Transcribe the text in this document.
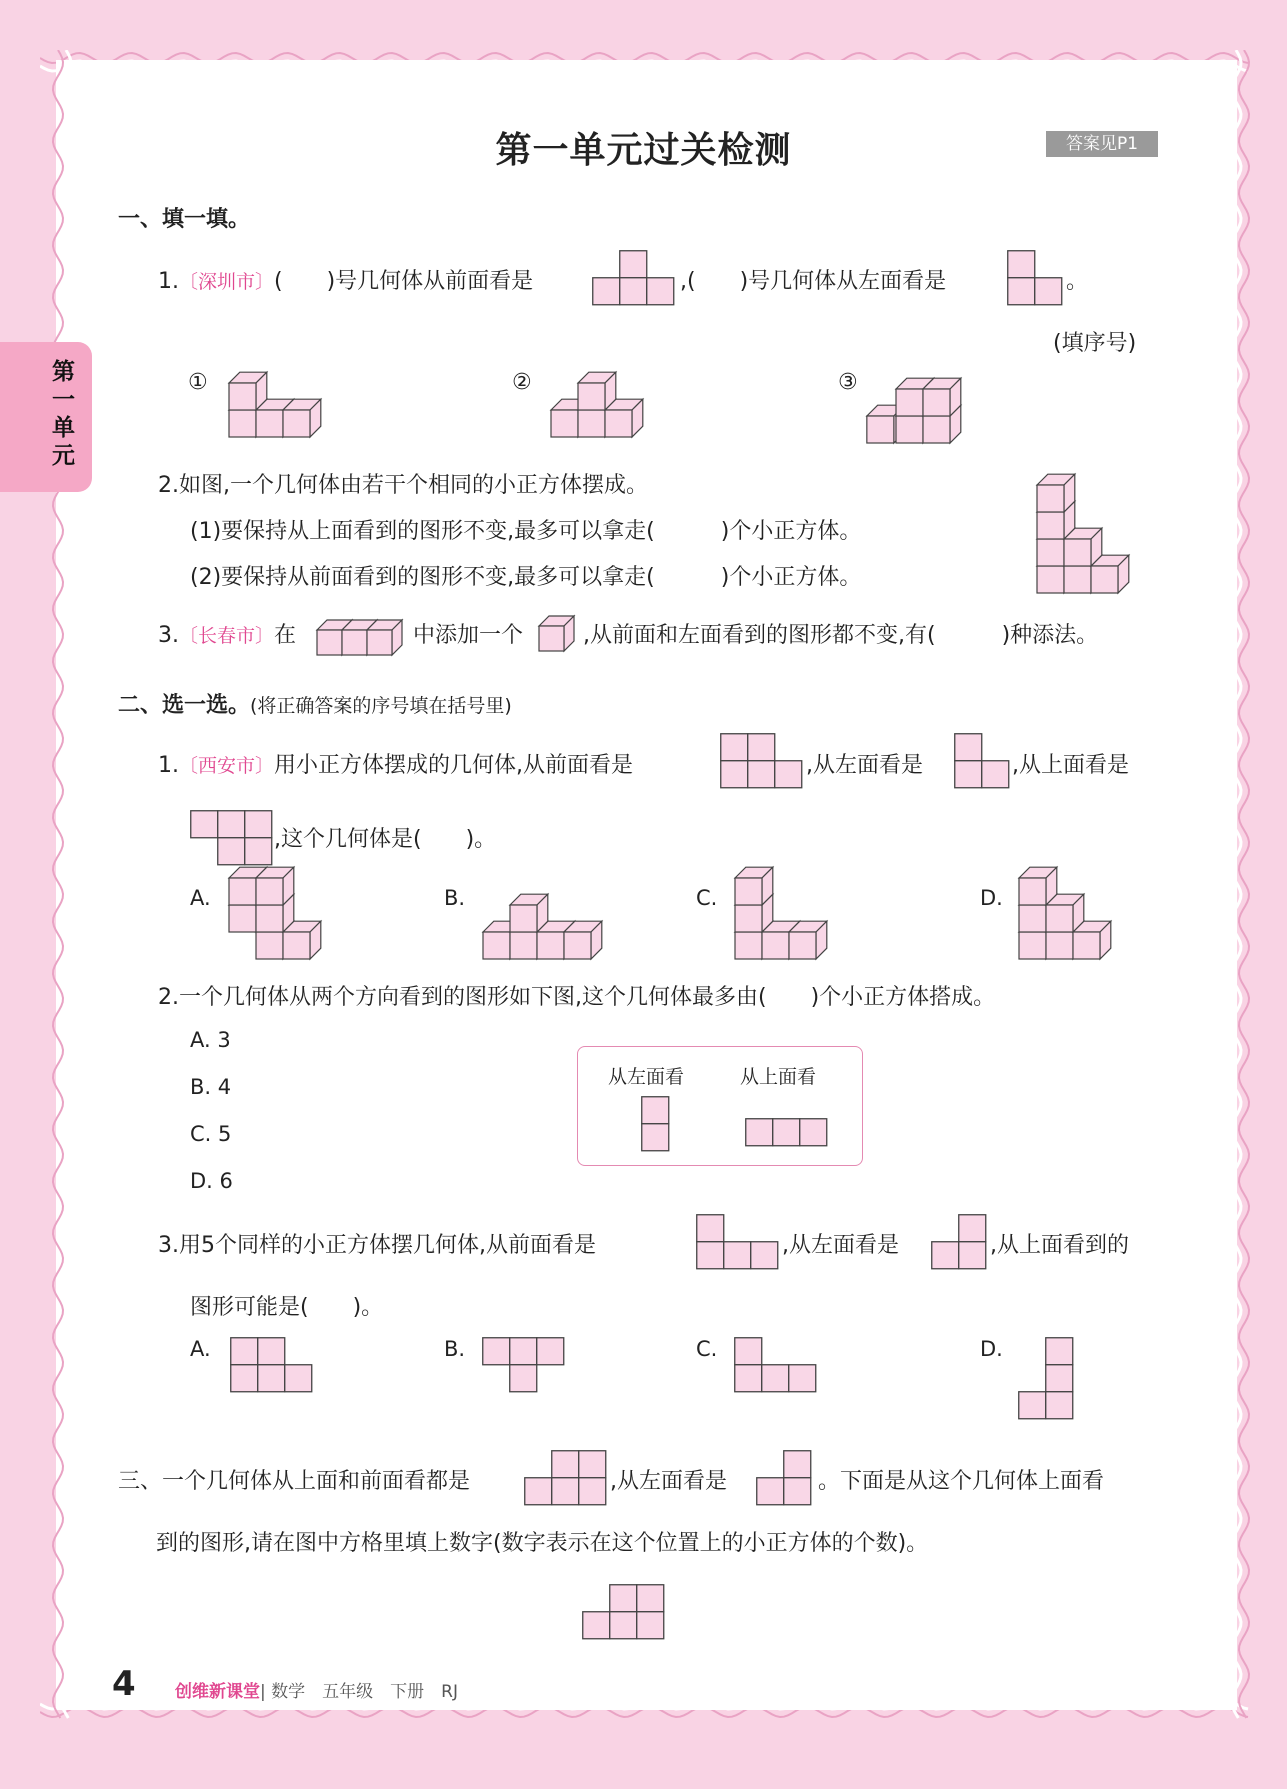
第一单元
第一单元过关检测	答案见P1
一、填一填。
1.〔深圳市〕(　　)号几何体从前面看是	,(　　)号几何体从左面看是	。
(填序号)
①	②	③
2.如图,一个几何体由若干个相同的小正方体摆成。
(1)要保持从上面看到的图形不变,最多可以拿走(　　　)个小正方体。
(2)要保持从前面看到的图形不变,最多可以拿走(　　　)个小正方体。
3.〔长春市〕在	中添加一个	,从前面和左面看到的图形都不变,有(　　　)种添法。
二、选一选。(将正确答案的序号填在括号里)
1.〔西安市〕用小正方体摆成的几何体,从前面看是	,从左面看是	,从上面看是
,这个几何体是(　　)。
A.	B.	C.	D.
2.一个几何体从两个方向看到的图形如下图,这个几何体最多由(　　)个小正方体搭成。
A. 3
B. 4
C. 5
D. 6
从左面看	从上面看
3.用5个同样的小正方体摆几何体,从前面看是	,从左面看是	,从上面看到的
图形可能是(　　)。
A.	B.	C.	D.
三、一个几何体从上面和前面看都是	,从左面看是	。下面是从这个几何体上面看
到的图形,请在图中方格里填上数字(数字表示在这个位置上的小正方体的个数)。
4 创维新课堂| 数学　五年级　下册　RJ
